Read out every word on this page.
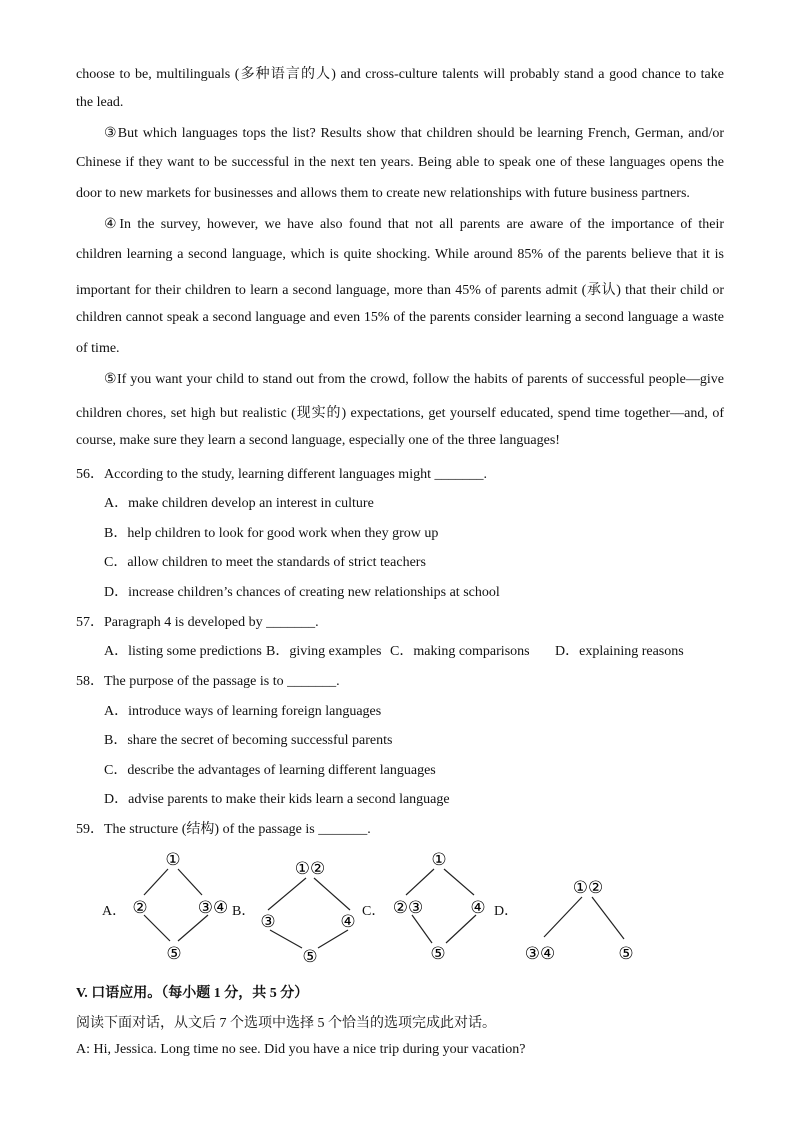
choose to be, multilinguals (多种语言的人) and cross-culture talents will probably stand a good chance to take
the lead.
③But which languages tops the list? Results show that children should be learning French, German, and/or
Chinese if they want to be successful in the next ten years. Being able to speak one of these languages opens the
door to new markets for businesses and allows them to create new relationships with future business partners.
④In the survey, however, we have also found that not all parents are aware of the importance of their
children learning a second language, which is quite shocking. While around 85% of the parents believe that it is
important for their children to learn a second language, more than 45% of parents admit (承认) that their child or
children cannot speak a second language and even 15% of the parents consider learning a second language a waste
of time.
⑤If you want your child to stand out from the crowd, follow the habits of parents of successful people—give
children chores, set high but realistic (现实的) expectations, get yourself educated, spend time together—and, of
course, make sure they learn a second language, especially one of the three languages!
56．According to the study, learning different languages might _______.
A．make children develop an interest in culture
B．help children to look for good work when they grow up
C．allow children to meet the standards of strict teachers
D．increase children’s chances of creating new relationships at school
57．Paragraph 4 is developed by _______.
A．listing some predictions B．giving examples C．making comparisons	D．explaining reasons
58．The purpose of the passage is to _______.
A．introduce ways of learning foreign languages
B．share the secret of becoming successful parents
C．describe the advantages of learning different languages
D．advise parents to make their kids learn a second language
59．The structure (结构) of the passage is _______.
A．	B．	C．	D．
①
②	③④
⑤
①②
③	④
⑤
①
②③	④
⑤
①②
③④	⑤
V. 口语应用。（每小题 1 分，共 5 分）
阅读下面对话，从文后 7 个选项中选择 5 个恰当的选项完成此对话。
A: Hi, Jessica. Long time no see. Did you have a nice trip during your vacation?
